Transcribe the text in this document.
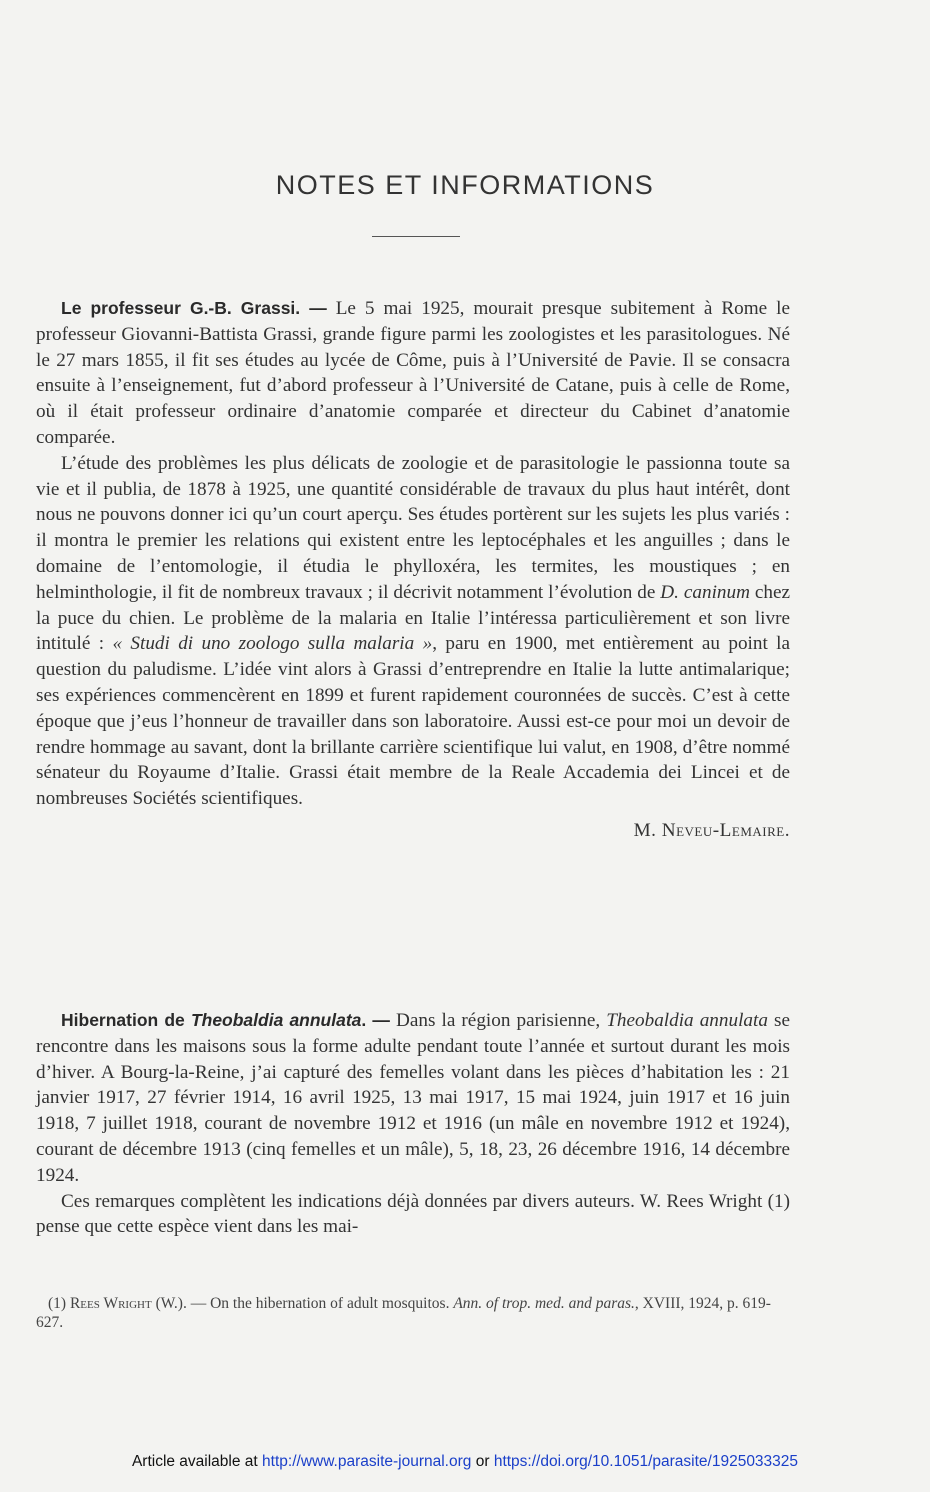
NOTES ET INFORMATIONS

Le professeur G.-B. Grassi. — Le 5 mai 1925, mourait presque subitement à Rome le professeur Giovanni-Battista Grassi, grande figure parmi les zoologistes et les parasitologues. Né le 27 mars 1855, il fit ses études au lycée de Côme, puis à l’Université de Pavie. Il se consacra ensuite à l’enseignement, fut d’abord professeur à l’Université de Catane, puis à celle de Rome, où il était professeur ordinaire d’anatomie comparée et directeur du Cabinet d’anatomie comparée.

L’étude des problèmes les plus délicats de zoologie et de parasitologie le passionna toute sa vie et il publia, de 1878 à 1925, une quantité considérable de travaux du plus haut intérêt, dont nous ne pouvons donner ici qu’un court aperçu. Ses études portèrent sur les sujets les plus variés : il montra le premier les relations qui existent entre les leptocéphales et les anguilles ; dans le domaine de l’entomologie, il étudia le phylloxéra, les termites, les moustiques ; en helminthologie, il fit de nombreux travaux ; il décrivit notamment l’évolution de D. caninum chez la puce du chien. Le problème de la malaria en Italie l’intéressa particulièrement et son livre intitulé : « Studi di uno zoologo sulla malaria », paru en 1900, met entièrement au point la question du paludisme. L’idée vint alors à Grassi d’entreprendre en Italie la lutte antimalarique; ses expériences commencèrent en 1899 et furent rapidement couronnées de succès. C’est à cette époque que j’eus l’honneur de travailler dans son laboratoire. Aussi est-ce pour moi un devoir de rendre hommage au savant, dont la brillante carrière scientifique lui valut, en 1908, d’être nommé sénateur du Royaume d’Italie. Grassi était membre de la Reale Accademia dei Lincei et de nombreuses Sociétés scientifiques.

M. Neveu-Lemaire.

Hibernation de Theobaldia annulata. — Dans la région parisienne, Theobaldia annulata se rencontre dans les maisons sous la forme adulte pendant toute l’année et surtout durant les mois d’hiver. A Bourg-la-Reine, j’ai capturé des femelles volant dans les pièces d’habitation les : 21 janvier 1917, 27 février 1914, 16 avril 1925, 13 mai 1917, 15 mai 1924, juin 1917 et 16 juin 1918, 7 juillet 1918, courant de novembre 1912 et 1916 (un mâle en novembre 1912 et 1924), courant de décembre 1913 (cinq femelles et un mâle), 5, 18, 23, 26 décembre 1916, 14 décembre 1924.

Ces remarques complètent les indications déjà données par divers auteurs. W. Rees Wright (1) pense que cette espèce vient dans les mai-

(1) Rees Wright (W.). — On the hibernation of adult mosquitos. Ann. of trop. med. and paras., XVIII, 1924, p. 619-627.
Article available at http://www.parasite-journal.org or https://doi.org/10.1051/parasite/1925033325
